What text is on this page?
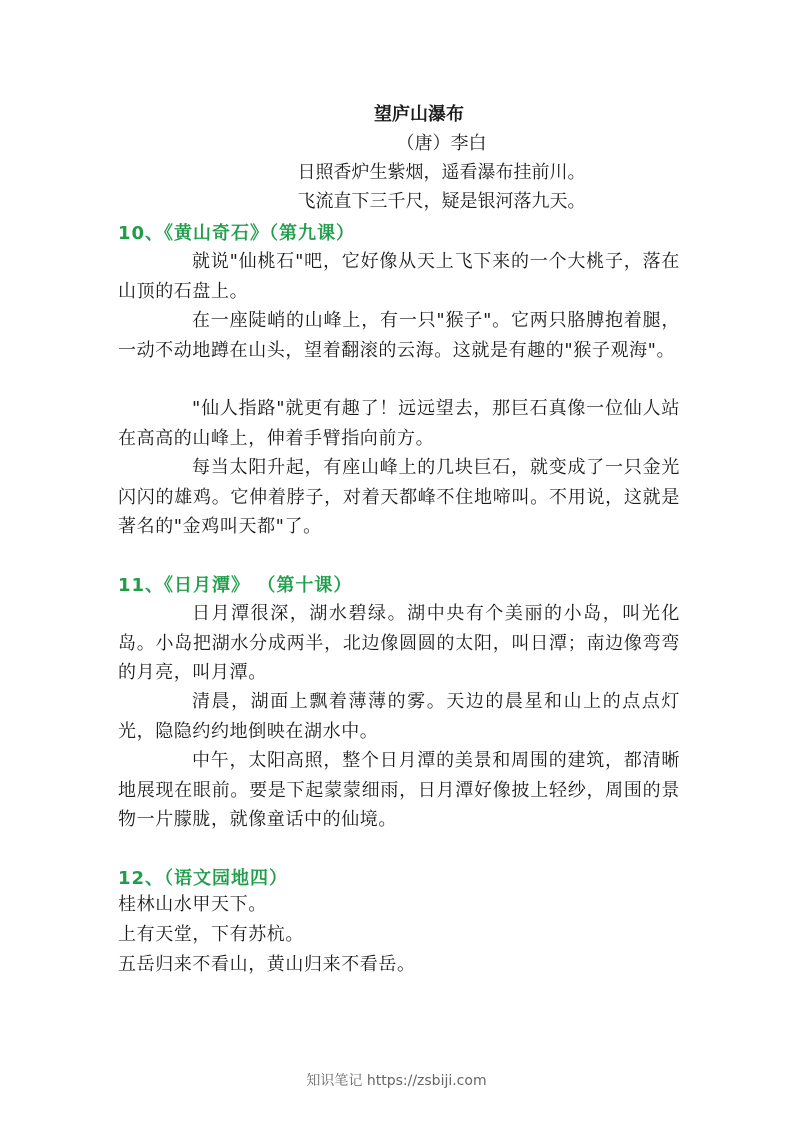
望庐山瀑布
（唐）李白
日照香炉生紫烟，遥看瀑布挂前川。
飞流直下三千尺，疑是银河落九天。
10、《黄山奇石》（第九课）

就说"仙桃石"吧，它好像从天上飞下来的一个大桃子，落在山顶的石盘上。

在一座陡峭的山峰上，有一只"猴子"。它两只胳膊抱着腿，一动不动地蹲在山头，望着翻滚的云海。这就是有趣的"猴子观海"。

"仙人指路"就更有趣了！远远望去，那巨石真像一位仙人站在高高的山峰上，伸着手臂指向前方。

每当太阳升起，有座山峰上的几块巨石，就变成了一只金光闪闪的雄鸡。它伸着脖子，对着天都峰不住地啼叫。不用说，这就是著名的"金鸡叫天都"了。

11、《日月潭》 （第十课）

日月潭很深，湖水碧绿。湖中央有个美丽的小岛，叫光化岛。小岛把湖水分成两半，北边像圆圆的太阳，叫日潭；南边像弯弯的月亮，叫月潭。

清晨，湖面上飘着薄薄的雾。天边的晨星和山上的点点灯光，隐隐约约地倒映在湖水中。

中午，太阳高照，整个日月潭的美景和周围的建筑，都清晰地展现在眼前。要是下起蒙蒙细雨，日月潭好像披上轻纱，周围的景物一片朦胧，就像童话中的仙境。

12、（语文园地四）
桂林山水甲天下。
上有天堂，下有苏杭。
五岳归来不看山，黄山归来不看岳。
知识笔记 https://zsbiji.com
